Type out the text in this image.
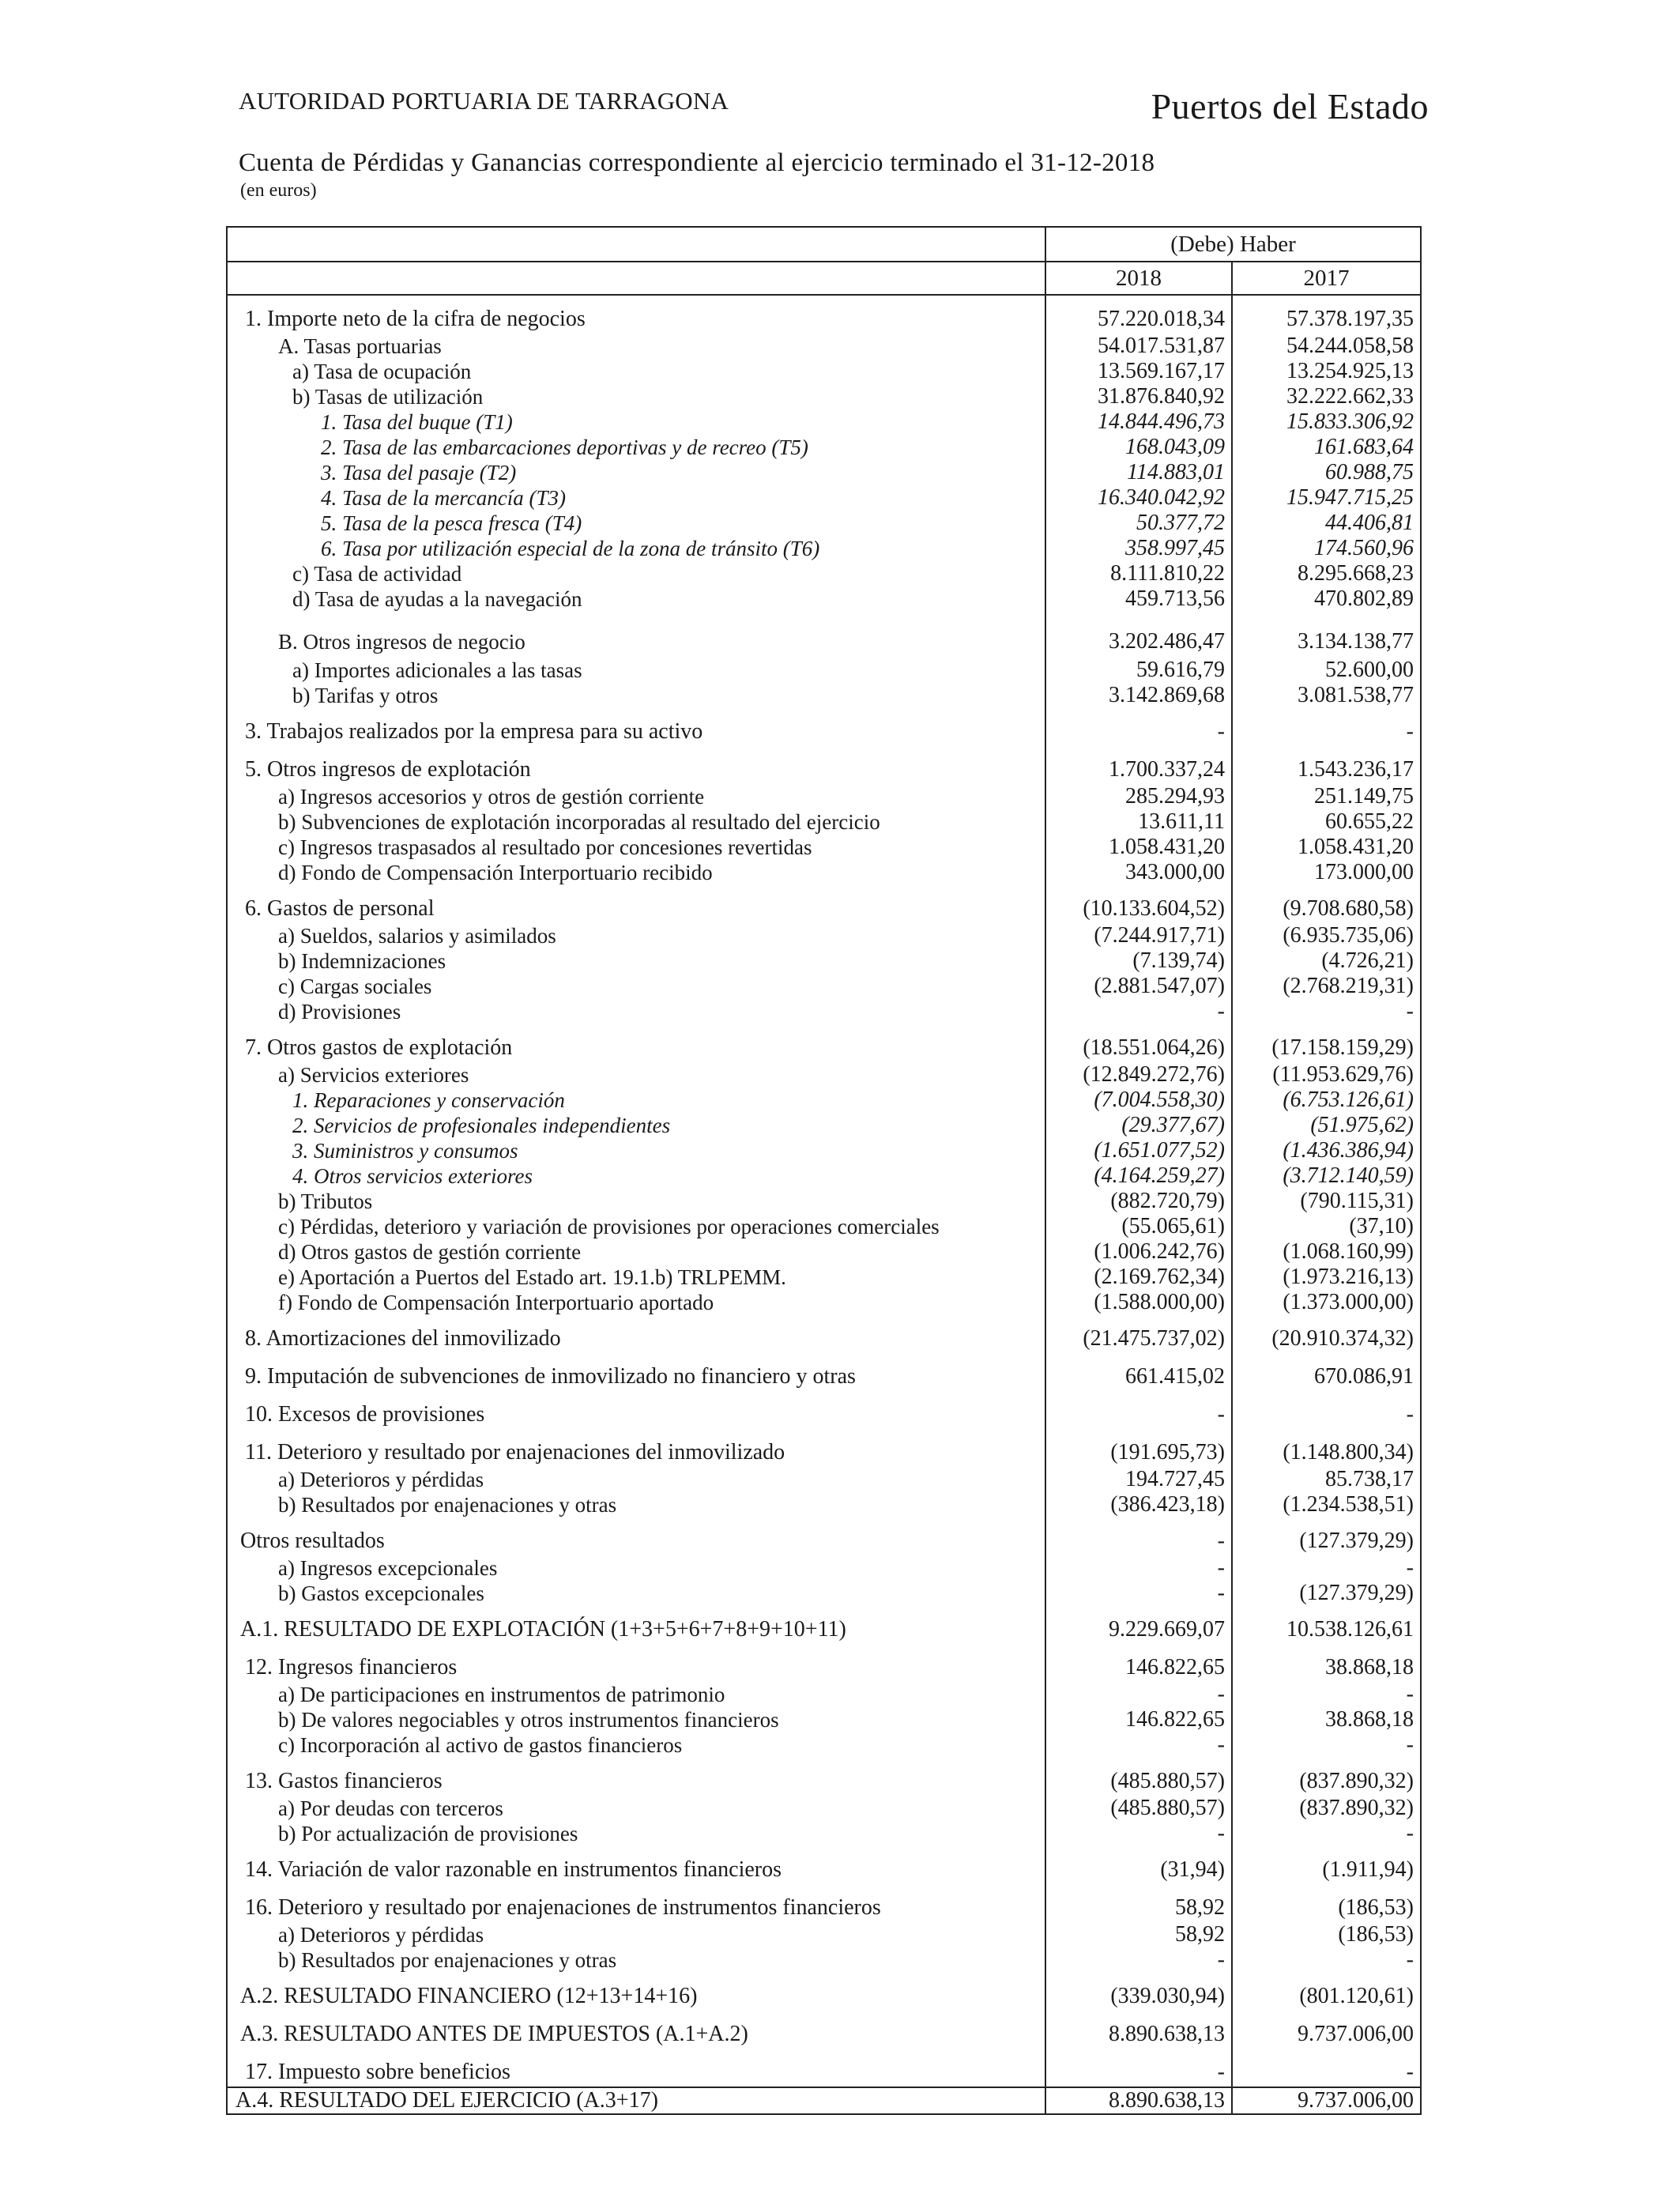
AUTORIDAD PORTUARIA DE TARRAGONA	Puertos del Estado
Cuenta de Pérdidas y Ganancias correspondiente al ejercicio terminado el 31-12-2018
(en euros)
	(Debe) Haber	
	2018	2017
1. Importe neto de la cifra de negocios	57.220.018,34	57.378.197,35
A. Tasas portuarias	54.017.531,87	54.244.058,58
a) Tasa de ocupación	13.569.167,17	13.254.925,13
b) Tasas de utilización	31.876.840,92	32.222.662,33
1. Tasa del buque (T1)	14.844.496,73	15.833.306,92
2. Tasa de las embarcaciones deportivas y de recreo (T5)	168.043,09	161.683,64
3. Tasa del pasaje (T2)	114.883,01	60.988,75
4. Tasa de la mercancía (T3)	16.340.042,92	15.947.715,25
5. Tasa de la pesca fresca (T4)	50.377,72	44.406,81
6. Tasa por utilización especial de la zona de tránsito (T6)	358.997,45	174.560,96
c) Tasa de actividad	8.111.810,22	8.295.668,23
d) Tasa de ayudas a la navegación	459.713,56	470.802,89
B. Otros ingresos de negocio	3.202.486,47	3.134.138,77
a) Importes adicionales a las tasas	59.616,79	52.600,00
b) Tarifas y otros	3.142.869,68	3.081.538,77
3. Trabajos realizados por la empresa para su activo	-	-
5. Otros ingresos de explotación	1.700.337,24	1.543.236,17
a) Ingresos accesorios y otros de gestión corriente	285.294,93	251.149,75
b) Subvenciones de explotación incorporadas al resultado del ejercicio	13.611,11	60.655,22
c) Ingresos traspasados al resultado por concesiones revertidas	1.058.431,20	1.058.431,20
d) Fondo de Compensación Interportuario recibido	343.000,00	173.000,00
6. Gastos de personal	(10.133.604,52)	(9.708.680,58)
a) Sueldos, salarios y asimilados	(7.244.917,71)	(6.935.735,06)
b) Indemnizaciones	(7.139,74)	(4.726,21)
c) Cargas sociales	(2.881.547,07)	(2.768.219,31)
d) Provisiones	-	-
7. Otros gastos de explotación	(18.551.064,26)	(17.158.159,29)
a) Servicios exteriores	(12.849.272,76)	(11.953.629,76)
1. Reparaciones y conservación	(7.004.558,30)	(6.753.126,61)
2. Servicios de profesionales independientes	(29.377,67)	(51.975,62)
3. Suministros y consumos	(1.651.077,52)	(1.436.386,94)
4. Otros servicios exteriores	(4.164.259,27)	(3.712.140,59)
b) Tributos	(882.720,79)	(790.115,31)
c) Pérdidas, deterioro y variación de provisiones por operaciones comerciales	(55.065,61)	(37,10)
d) Otros gastos de gestión corriente	(1.006.242,76)	(1.068.160,99)
e) Aportación a Puertos del Estado art. 19.1.b) TRLPEMM.	(2.169.762,34)	(1.973.216,13)
f) Fondo de Compensación Interportuario aportado	(1.588.000,00)	(1.373.000,00)
8. Amortizaciones del inmovilizado	(21.475.737,02)	(20.910.374,32)
9. Imputación de subvenciones de inmovilizado no financiero y otras	661.415,02	670.086,91
10. Excesos de provisiones	-	-
11. Deterioro y resultado por enajenaciones del inmovilizado	(191.695,73)	(1.148.800,34)
a) Deterioros y pérdidas	194.727,45	85.738,17
b) Resultados por enajenaciones y otras	(386.423,18)	(1.234.538,51)
Otros resultados	-	(127.379,29)
a) Ingresos excepcionales	-	-
b) Gastos excepcionales	-	(127.379,29)
A.1. RESULTADO DE EXPLOTACIÓN (1+3+5+6+7+8+9+10+11)	9.229.669,07	10.538.126,61
12. Ingresos financieros	146.822,65	38.868,18
a) De participaciones en instrumentos de patrimonio	-	-
b) De valores negociables y otros instrumentos financieros	146.822,65	38.868,18
c) Incorporación al activo de gastos financieros	-	-
13. Gastos financieros	(485.880,57)	(837.890,32)
a) Por deudas con terceros	(485.880,57)	(837.890,32)
b) Por actualización de provisiones	-	-
14. Variación de valor razonable en instrumentos financieros	(31,94)	(1.911,94)
16. Deterioro y resultado por enajenaciones de instrumentos financieros	58,92	(186,53)
a) Deterioros y pérdidas	58,92	(186,53)
b) Resultados por enajenaciones y otras	-	-
A.2. RESULTADO FINANCIERO (12+13+14+16)	(339.030,94)	(801.120,61)
A.3. RESULTADO ANTES DE IMPUESTOS (A.1+A.2)	8.890.638,13	9.737.006,00
17. Impuesto sobre beneficios	-	-
A.4. RESULTADO DEL EJERCICIO (A.3+17)	8.890.638,13	9.737.006,00
